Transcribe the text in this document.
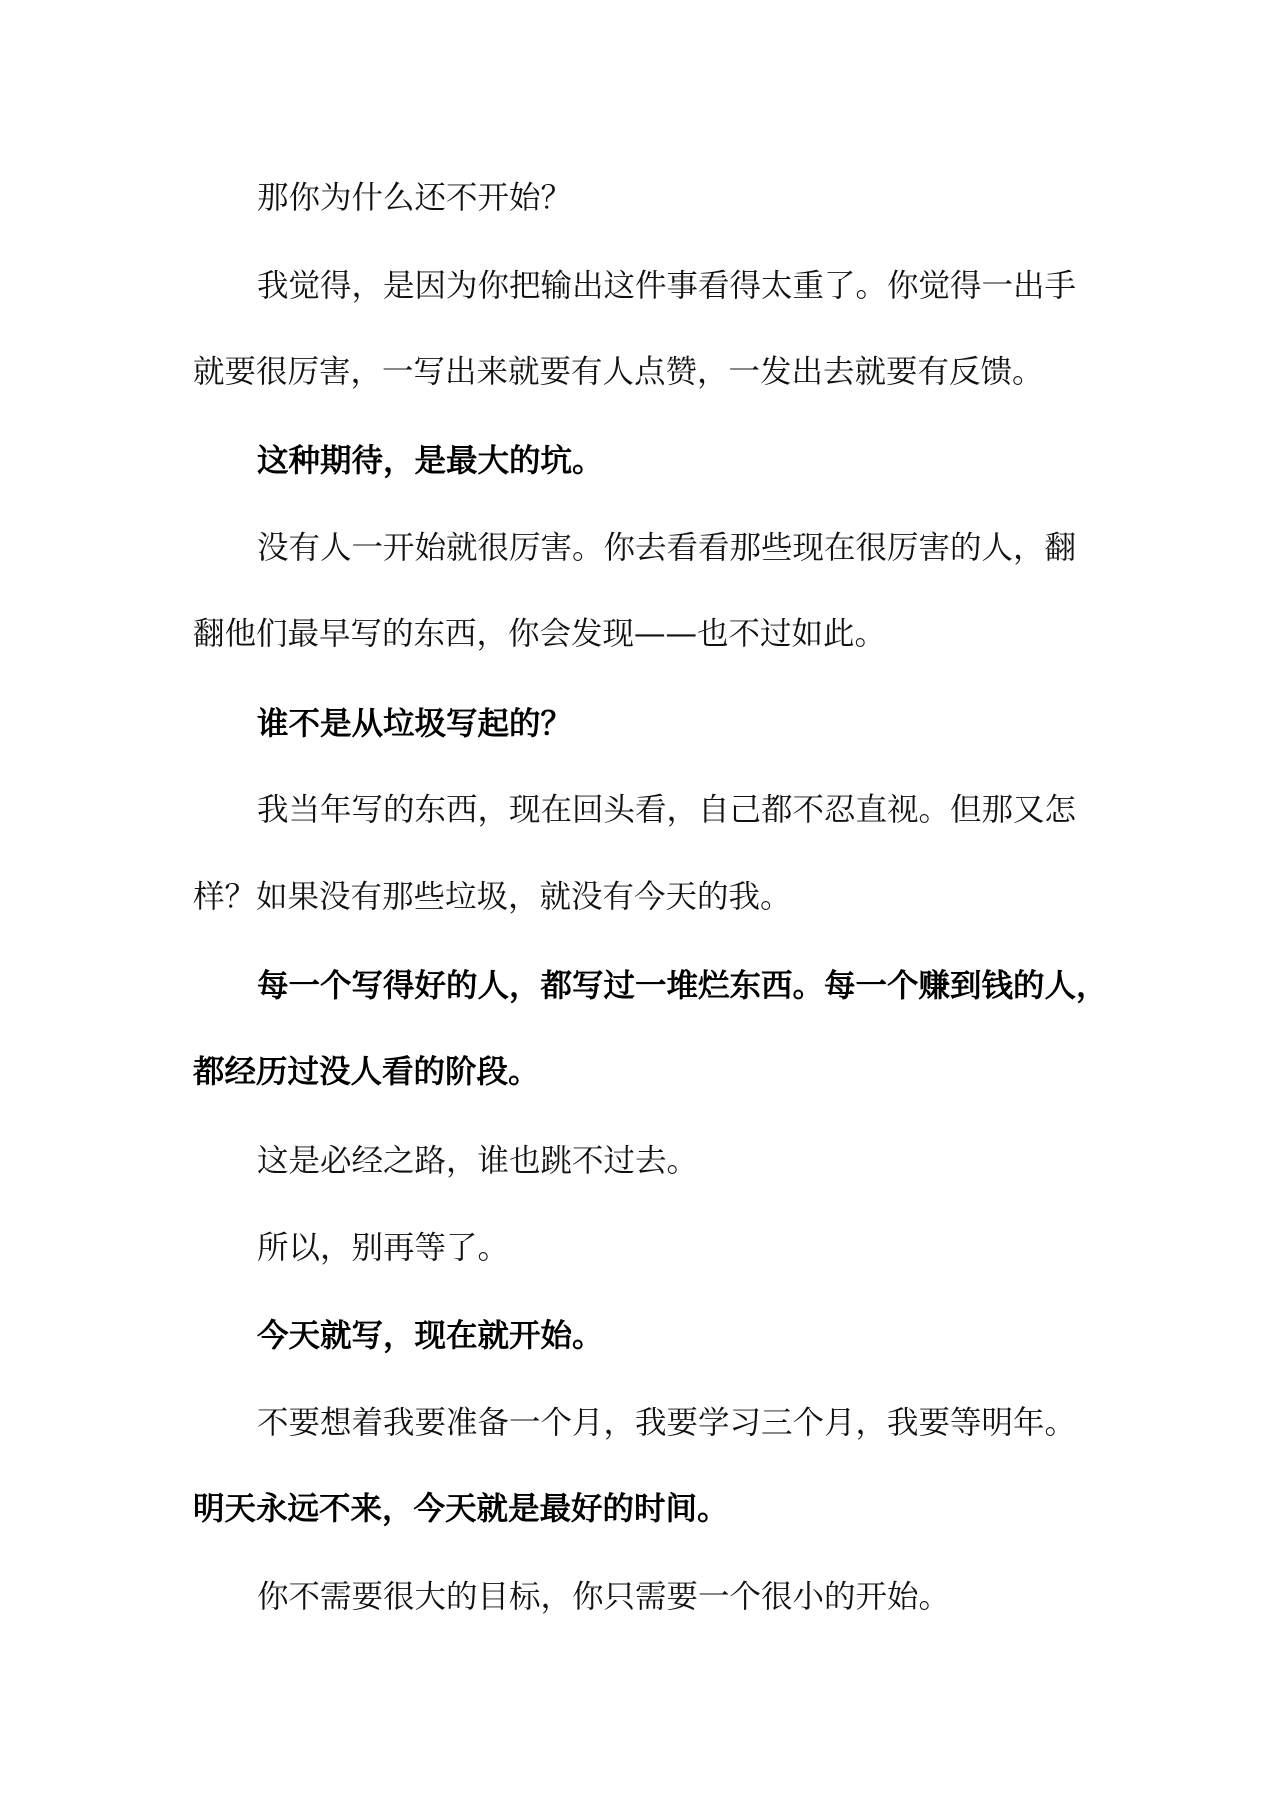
那你为什么还不开始？

我觉得，是因为你把输出这件事看得太重了。你觉得一出手

就要很厉害，一写出来就要有人点赞，一发出去就要有反馈。

这种期待，是最大的坑。

没有人一开始就很厉害。你去看看那些现在很厉害的人，翻

翻他们最早写的东西，你会发现——也不过如此。

谁不是从垃圾写起的？

我当年写的东西，现在回头看，自己都不忍直视。但那又怎

样？如果没有那些垃圾，就没有今天的我。

每一个写得好的人，都写过一堆烂东西。每一个赚到钱的人，

都经历过没人看的阶段。

这是必经之路，谁也跳不过去。

所以，别再等了。

今天就写，现在就开始。

不要想着我要准备一个月，我要学习三个月，我要等明年。

明天永远不来，今天就是最好的时间。

你不需要很大的目标，你只需要一个很小的开始。
